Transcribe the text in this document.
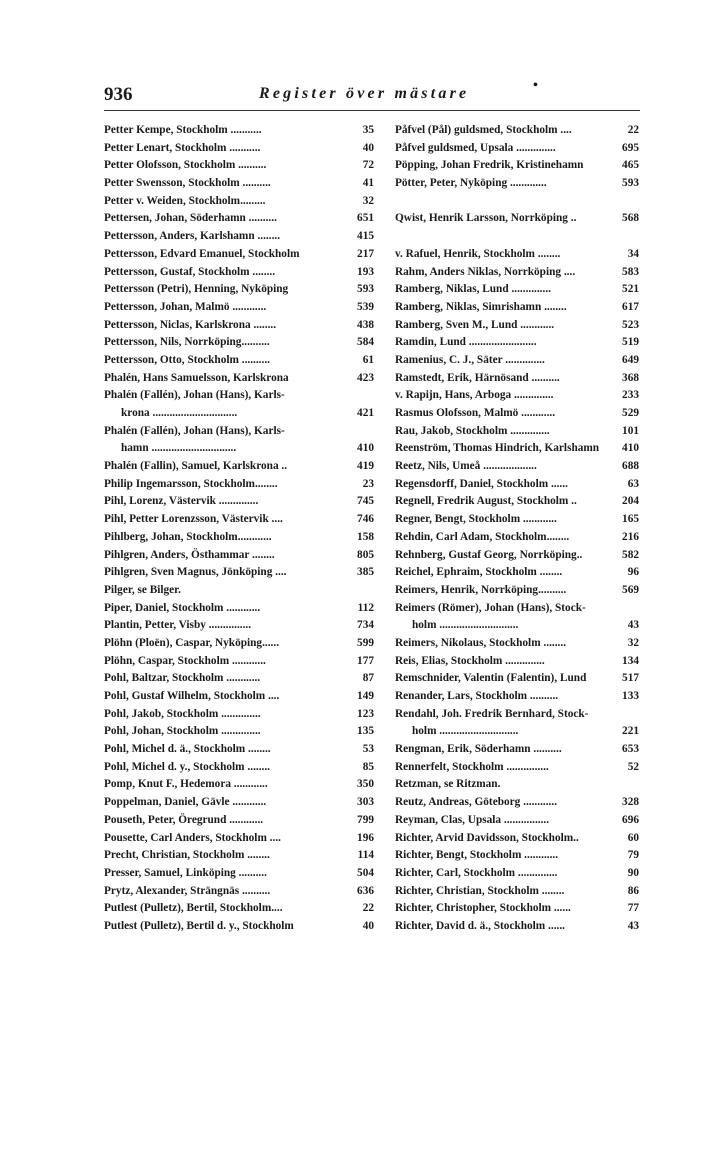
936	Register över mästare	•
Petter Kempe, Stockholm ...........	35
Petter Lenart, Stockholm ...........	40
Petter Olofsson, Stockholm ..........	72
Petter Swensson, Stockholm ..........	41
Petter v. Weiden, Stockholm.........	32
Pettersen, Johan, Söderhamn ..........	651
Pettersson, Anders, Karlshamn ........	415
Pettersson, Edvard Emanuel, Stockholm	217
Pettersson, Gustaf, Stockholm ........	193
Pettersson (Petri), Henning, Nyköping	593
Pettersson, Johan, Malmö ............	539
Pettersson, Niclas, Karlskrona ........	438
Pettersson, Nils, Norrköping..........	584
Pettersson, Otto, Stockholm ..........	61
Phalén, Hans Samuelsson, Karlskrona	423
Phalén (Fallén), Johan (Hans), Karls-
krona ..............................	421
Phalén (Fallén), Johan (Hans), Karls-
hamn ..............................	410
Phalén (Fallin), Samuel, Karlskrona ..	419
Philip Ingemarsson, Stockholm........	23
Pihl, Lorenz, Västervik ..............	745
Pihl, Petter Lorenzsson, Västervik ....	746
Pihlberg, Johan, Stockholm............	158
Pihlgren, Anders, Östhammar ........	805
Pihlgren, Sven Magnus, Jönköping ....	385
Pilger, se Bilger.
Piper, Daniel, Stockholm ............	112
Plantin, Petter, Visby ...............	734
Plöhn (Ploën), Caspar, Nyköping......	599
Plöhn, Caspar, Stockholm ............	177
Pohl, Baltzar, Stockholm ............	87
Pohl, Gustaf Wilhelm, Stockholm ....	149
Pohl, Jakob, Stockholm ..............	123
Pohl, Johan, Stockholm ..............	135
Pohl, Michel d. ä., Stockholm ........	53
Pohl, Michel d. y., Stockholm ........	85
Pomp, Knut F., Hedemora ............	350
Poppelman, Daniel, Gävle ............	303
Pouseth, Peter, Öregrund ............	799
Pousette, Carl Anders, Stockholm ....	196
Precht, Christian, Stockholm ........	114
Presser, Samuel, Linköping ..........	504
Prytz, Alexander, Strängnäs ..........	636
Putlest (Pulletz), Bertil, Stockholm....	22
Putlest (Pulletz), Bertil d. y., Stockholm	40
Påfvel (Pål) guldsmed, Stockholm ....	22
Påfvel guldsmed, Upsala ..............	695
Pöpping, Johan Fredrik, Kristinehamn	465
Pötter, Peter, Nyköping .............	593
Qwist, Henrik Larsson, Norrköping ..	568
v. Rafuel, Henrik, Stockholm ........	34
Rahm, Anders Niklas, Norrköping ....	583
Ramberg, Niklas, Lund ..............	521
Ramberg, Niklas, Simrishamn ........	617
Ramberg, Sven M., Lund ............	523
Ramdin, Lund ........................	519
Ramenius, C. J., Säter ..............	649
Ramstedt, Erik, Härnösand ..........	368
v. Rapijn, Hans, Arboga ..............	233
Rasmus Olofsson, Malmö ............	529
Rau, Jakob, Stockholm ..............	101
Reenström, Thomas Hindrich, Karlshamn 410
Reetz, Nils, Umeå ...................	688
Regensdorff, Daniel, Stockholm ......	63
Regnell, Fredrik August, Stockholm ..	204
Regner, Bengt, Stockholm ............	165
Rehdin, Carl Adam, Stockholm........	216
Rehnberg, Gustaf Georg, Norrköping..	582
Reichel, Ephraim, Stockholm ........	96
Reimers, Henrik, Norrköping..........	569
Reimers (Römer), Johan (Hans), Stock-
holm ............................	43
Reimers, Nikolaus, Stockholm ........	32
Reis, Elias, Stockholm ..............	134
Remschnider, Valentin (Falentin), Lund	517
Renander, Lars, Stockholm ..........	133
Rendahl, Joh. Fredrik Bernhard, Stock-
holm ............................	221
Rengman, Erik, Söderhamn ..........	653
Rennerfelt, Stockholm ...............	52
Retzman, se Ritzman.
Reutz, Andreas, Göteborg ............	328
Reyman, Clas, Upsala ................	696
Richter, Arvid Davidsson, Stockholm..	60
Richter, Bengt, Stockholm ............	79
Richter, Carl, Stockholm ..............	90
Richter, Christian, Stockholm ........	86
Richter, Christopher, Stockholm ......	77
Richter, David d. ä., Stockholm ......	43
